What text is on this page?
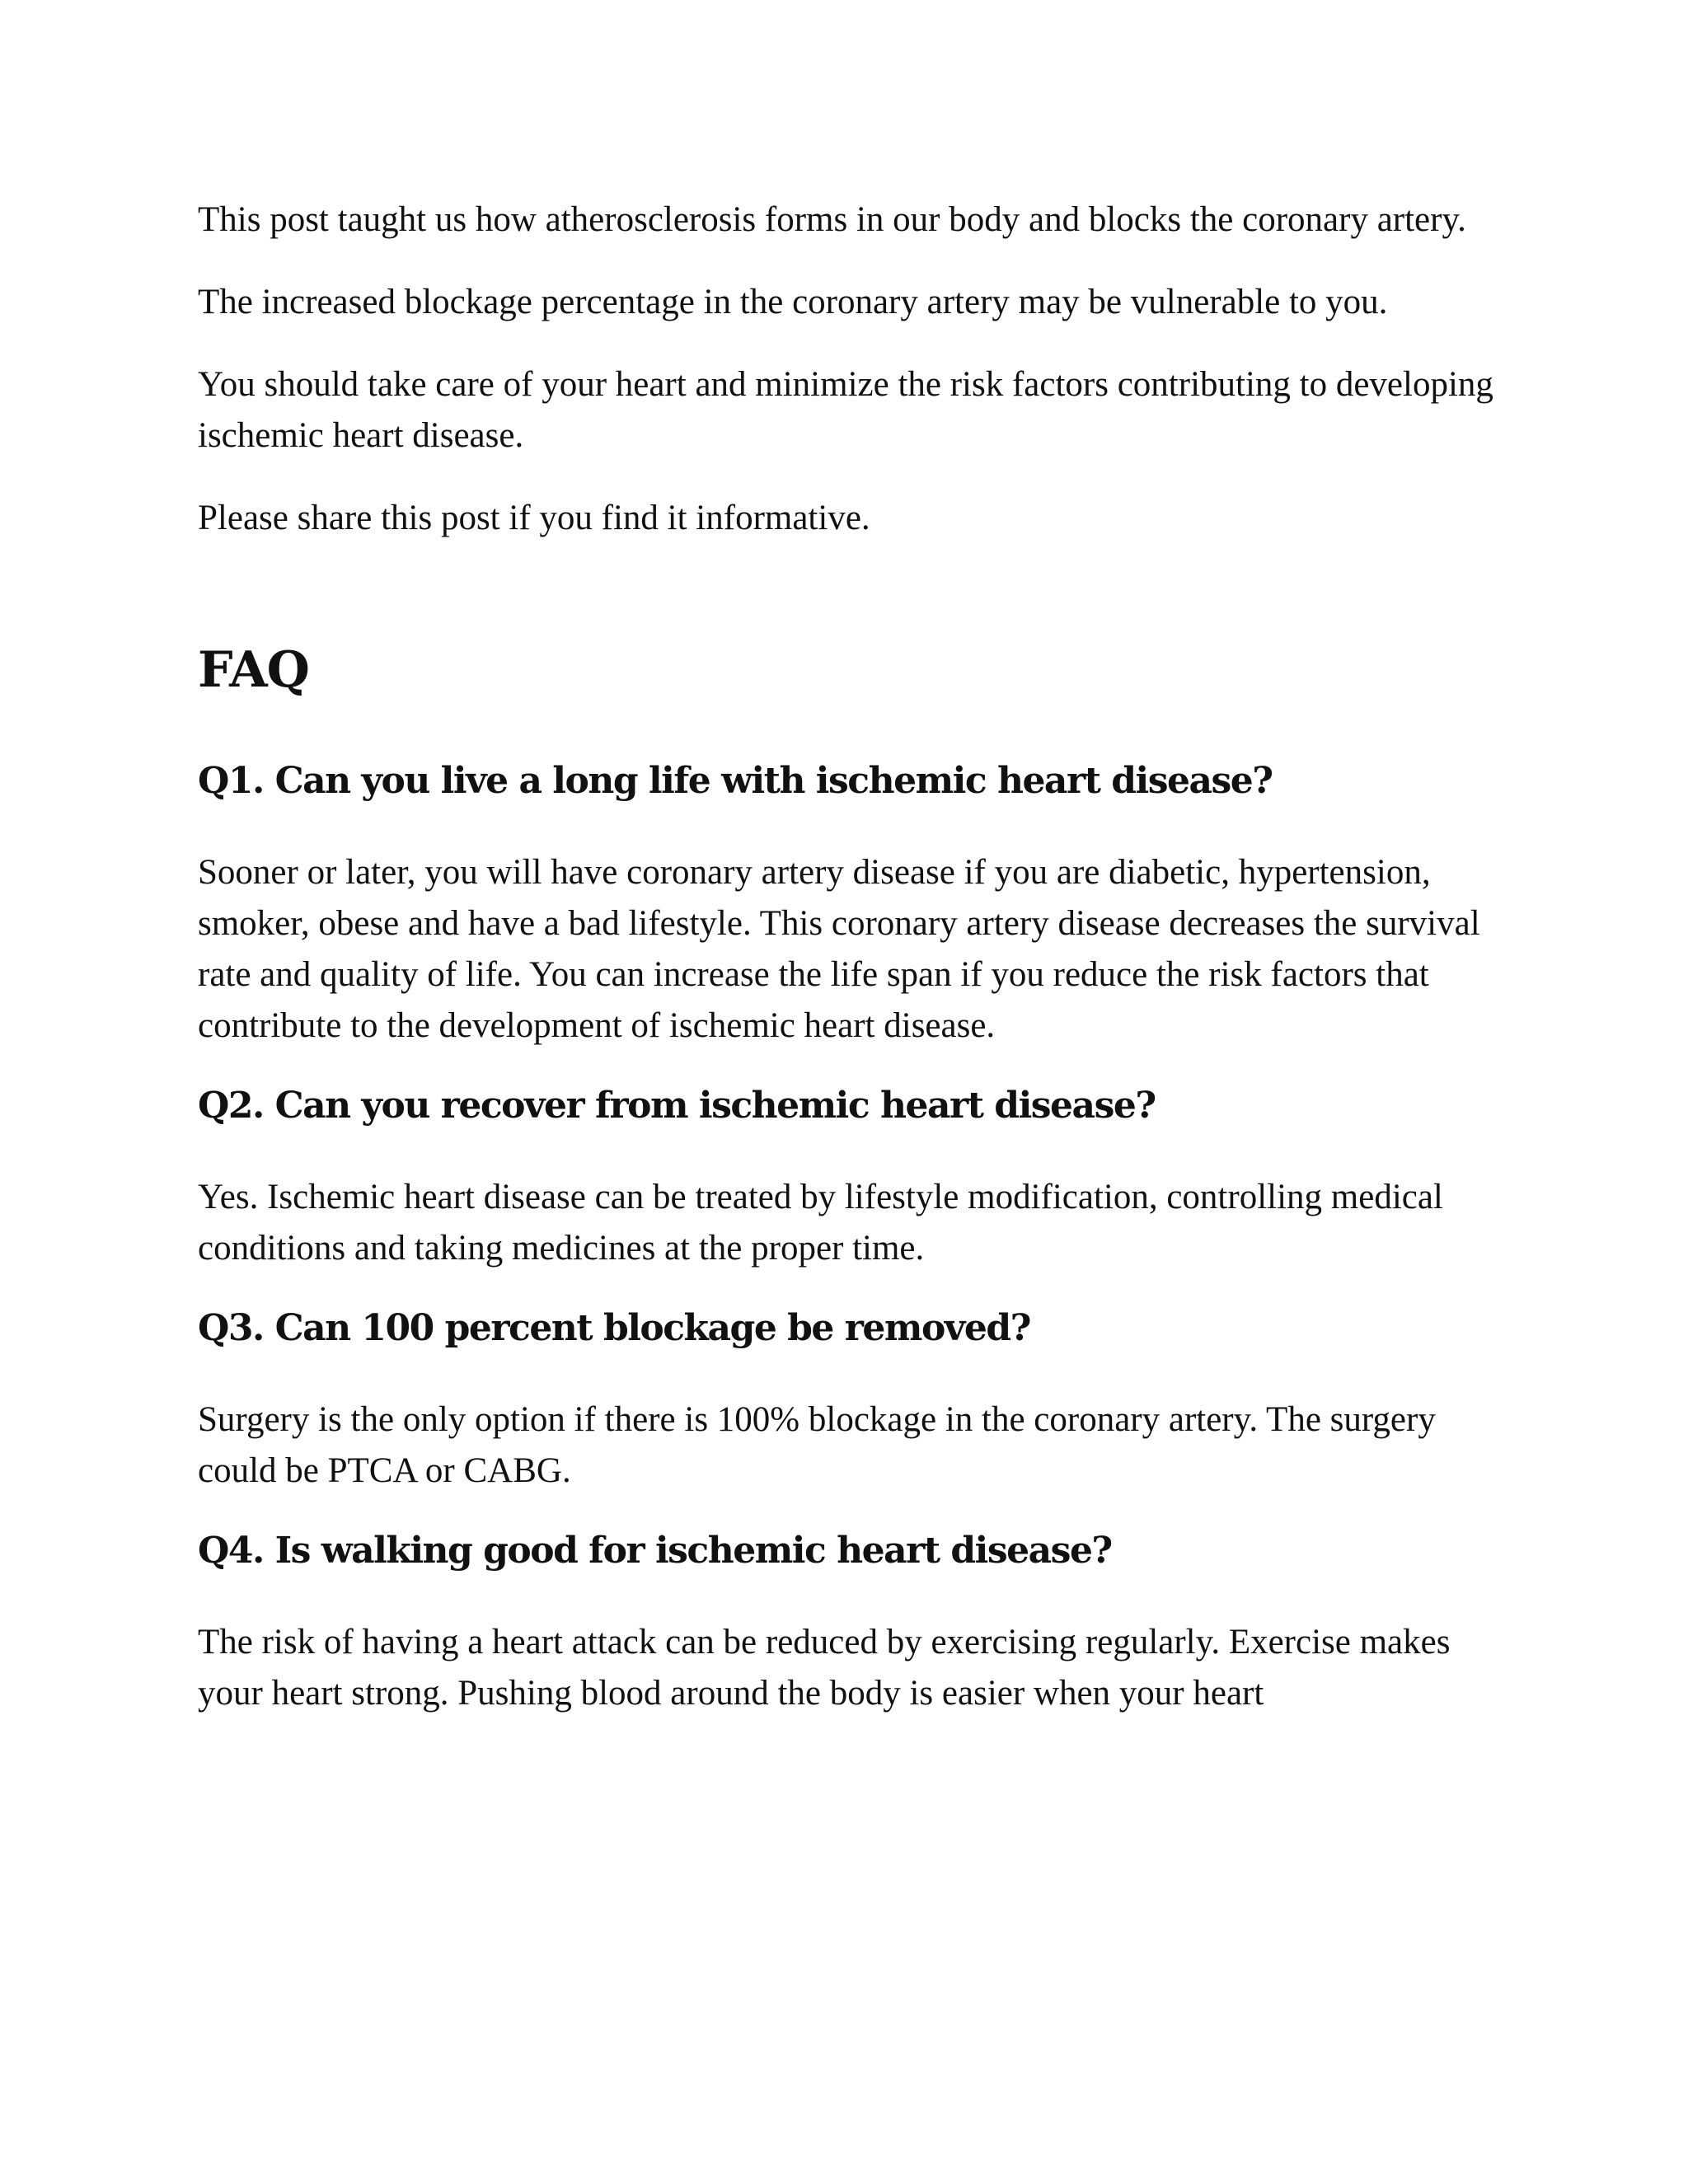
This post taught us how atherosclerosis forms in our body and blocks the coronary artery.

The increased blockage percentage in the coronary artery may be vulnerable to you.

You should take care of your heart and minimize the risk factors contributing to developing ischemic heart disease.

Please share this post if you find it informative.

FAQ
Q1. Can you live a long life with ischemic heart disease?

Sooner or later, you will have coronary artery disease if you are diabetic, hypertension, smoker, obese and have a bad lifestyle. This coronary artery disease decreases the survival rate and quality of life. You can increase the life span if you reduce the risk factors that contribute to the development of ischemic heart disease.

Q2. Can you recover from ischemic heart disease?

Yes. Ischemic heart disease can be treated by lifestyle modification, controlling medical conditions and taking medicines at the proper time.

Q3. Can 100 percent blockage be removed?

Surgery is the only option if there is 100% blockage in the coronary artery. The surgery could be PTCA or CABG.

Q4. Is walking good for ischemic heart disease?

The risk of having a heart attack can be reduced by exercising regularly. Exercise makes your heart strong. Pushing blood around the body is easier when your heart
